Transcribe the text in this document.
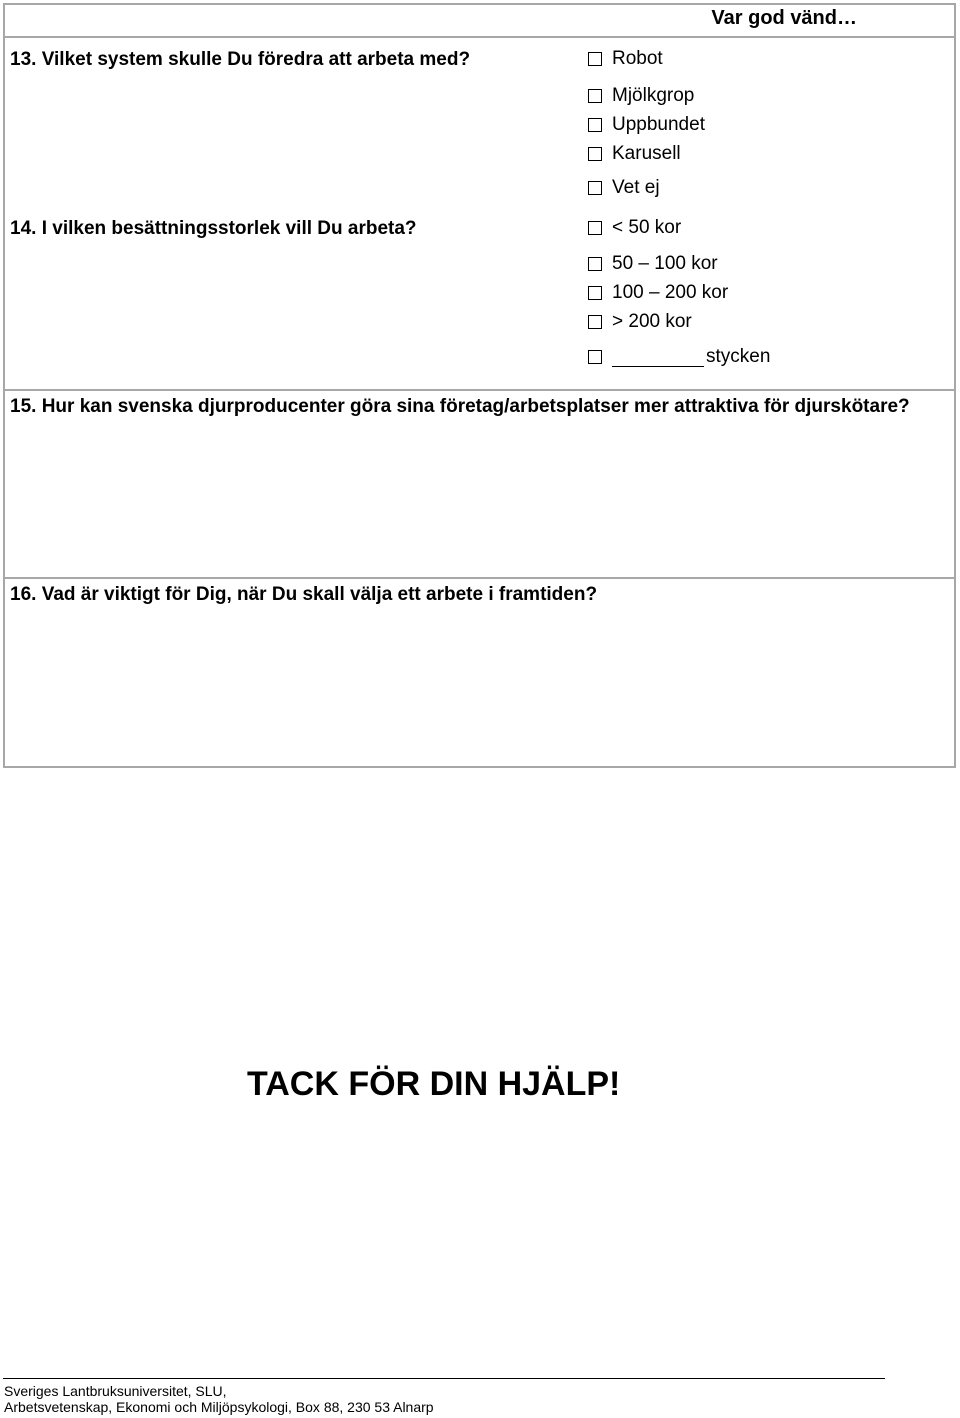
Var god vänd…
13. Vilket system skulle Du föredra att arbeta med?	Robot
Mjölkgrop
Uppbundet
Karusell
Vet ej
14. I vilken besättningsstorlek vill Du arbeta?	< 50 kor
50 – 100 kor
100 – 200 kor
> 200 kor
stycken
15. Hur kan svenska djurproducenter göra sina företag/arbetsplatser mer attraktiva för djurskötare?
16. Vad är viktigt för Dig, när Du skall välja ett arbete i framtiden?
TACK FÖR DIN HJÄLP!
Sveriges Lantbruksuniversitet, SLU,
Arbetsvetenskap, Ekonomi och Miljöpsykologi, Box 88, 230 53 Alnarp
